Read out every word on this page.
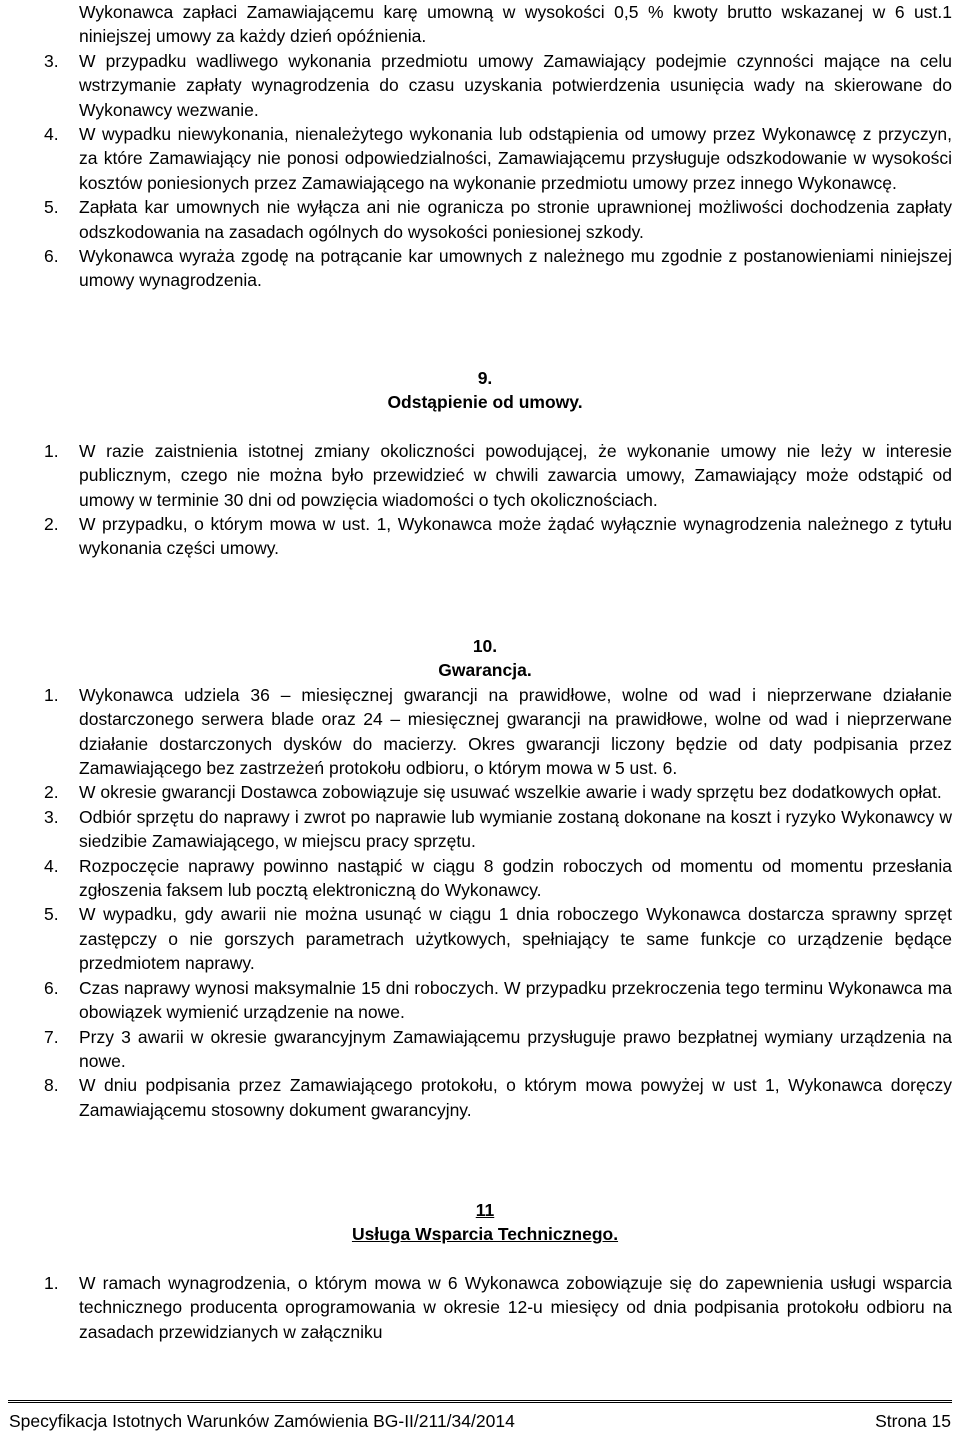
Wykonawca zapłaci Zamawiającemu karę umowną w wysokości 0,5 % kwoty brutto wskazanej w 6 ust.1 niniejszej umowy za każdy dzień opóźnienia.
3. W przypadku wadliwego wykonania przedmiotu umowy Zamawiający podejmie czynności mające na celu wstrzymanie zapłaty wynagrodzenia do czasu uzyskania potwierdzenia usunięcia wady na skierowane do Wykonawcy wezwanie.
4. W wypadku niewykonania, nienależytego wykonania lub odstąpienia od umowy przez Wykonawcę z przyczyn, za które Zamawiający nie ponosi odpowiedzialności, Zamawiającemu przysługuje odszkodowanie w wysokości kosztów poniesionych przez Zamawiającego na wykonanie przedmiotu umowy przez innego Wykonawcę.
5. Zapłata kar umownych nie wyłącza ani nie ogranicza po stronie uprawnionej możliwości dochodzenia zapłaty odszkodowania na zasadach ogólnych do wysokości poniesionej szkody.
6. Wykonawca wyraża zgodę na potrącanie kar umownych z należnego mu zgodnie z postanowieniami niniejszej umowy wynagrodzenia.
9.
Odstąpienie od umowy.
1. W razie zaistnienia istotnej zmiany okoliczności powodującej, że wykonanie umowy nie leży w interesie publicznym, czego nie można było przewidzieć w chwili zawarcia umowy, Zamawiający może odstąpić od umowy w terminie 30 dni od powzięcia wiadomości o tych okolicznościach.
2. W przypadku, o którym mowa w ust. 1, Wykonawca może żądać wyłącznie wynagrodzenia należnego z tytułu wykonania części umowy.
10.
Gwarancja.
1. Wykonawca udziela 36 – miesięcznej gwarancji na prawidłowe, wolne od wad i nieprzerwane działanie dostarczonego serwera blade oraz 24 – miesięcznej gwarancji na prawidłowe, wolne od wad i nieprzerwane działanie dostarczonych dysków do macierzy. Okres gwarancji liczony będzie od daty podpisania przez Zamawiającego bez zastrzeżeń protokołu odbioru, o którym mowa w 5 ust. 6.
2. W okresie gwarancji Dostawca zobowiązuje się usuwać wszelkie awarie i wady sprzętu bez dodatkowych opłat.
3. Odbiór sprzętu do naprawy i zwrot po naprawie lub wymianie zostaną dokonane na koszt i ryzyko Wykonawcy w siedzibie Zamawiającego, w miejscu pracy sprzętu.
4. Rozpoczęcie naprawy powinno nastąpić w ciągu 8 godzin roboczych od momentu od momentu przesłania zgłoszenia faksem lub pocztą elektroniczną do Wykonawcy.
5. W wypadku, gdy awarii nie można usunąć w ciągu 1 dnia roboczego Wykonawca dostarcza sprawny sprzęt zastępczy o nie gorszych parametrach użytkowych, spełniający te same funkcje co urządzenie będące przedmiotem naprawy.
6. Czas naprawy wynosi maksymalnie 15 dni roboczych. W przypadku przekroczenia tego terminu Wykonawca ma obowiązek wymienić urządzenie na nowe.
7. Przy 3 awarii w okresie gwarancyjnym Zamawiającemu przysługuje prawo bezpłatnej wymiany urządzenia na nowe.
8. W dniu podpisania przez Zamawiającego protokołu, o którym mowa powyżej w ust 1, Wykonawca doręczy Zamawiającemu stosowny dokument gwarancyjny.
11
Usługa Wsparcia Technicznego.
1. W ramach wynagrodzenia, o którym mowa w 6 Wykonawca zobowiązuje się do zapewnienia usługi wsparcia technicznego producenta oprogramowania w okresie 12-u miesięcy od dnia podpisania protokołu odbioru na zasadach przewidzianych w załączniku
Specyfikacja Istotnych Warunków Zamówienia BG-II/211/34/2014	Strona 15
